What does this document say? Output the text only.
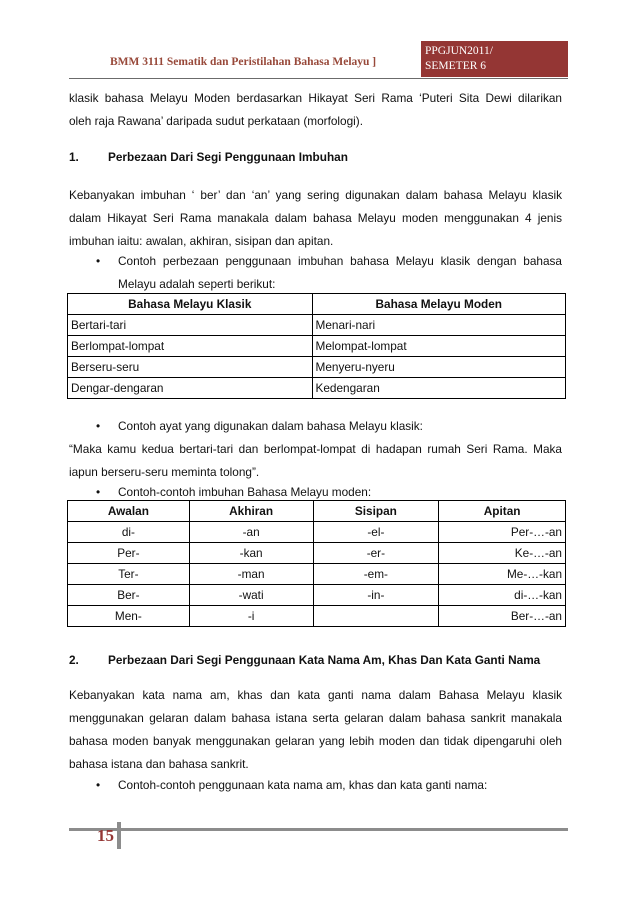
BMM 3111 Sematik dan Peristilahan Bahasa Melayu ]
PPGJUN2011/
SEMETER 6
klasik bahasa Melayu Moden berdasarkan Hikayat Seri Rama ‘Puteri Sita Dewi dilarikan
oleh raja Rawana’ daripada sudut perkataan (morfologi).
1. Perbezaan Dari Segi Penggunaan Imbuhan
Kebanyakan imbuhan ‘ ber’ dan ‘an’ yang sering digunakan dalam bahasa Melayu klasik
dalam Hikayat Seri Rama manakala dalam bahasa Melayu moden menggunakan 4 jenis
imbuhan iaitu: awalan, akhiran, sisipan dan apitan.
• Contoh perbezaan penggunaan imbuhan bahasa Melayu klasik dengan bahasa
Melayu adalah seperti berikut:
Bahasa Melayu Klasik	Bahasa Melayu Moden
Bertari-tari	Menari-nari
Berlompat-lompat	Melompat-lompat
Berseru-seru	Menyeru-nyeru
Dengar-dengaran	Kedengaran
• Contoh ayat yang digunakan dalam bahasa Melayu klasik:
“Maka kamu kedua bertari-tari dan berlompat-lompat di hadapan rumah Seri Rama. Maka
iapun berseru-seru meminta tolong”.
• Contoh-contoh imbuhan Bahasa Melayu moden:
Awalan	Akhiran	Sisipan	Apitan
di-	-an	-el-	Per-…-an
Per-	-kan	-er-	Ke-…-an
Ter-	-man	-em-	Me-…-kan
Ber-	-wati	-in-	di-…-kan
Men-	-i		Ber-…-an
2. Perbezaan Dari Segi Penggunaan Kata Nama Am, Khas Dan Kata Ganti Nama
Kebanyakan kata nama am, khas dan kata ganti nama dalam Bahasa Melayu klasik
menggunakan gelaran dalam bahasa istana serta gelaran dalam bahasa sankrit manakala
bahasa moden banyak menggunakan gelaran yang lebih moden dan tidak dipengaruhi oleh
bahasa istana dan bahasa sankrit.
• Contoh-contoh penggunaan kata nama am, khas dan kata ganti nama:
15
